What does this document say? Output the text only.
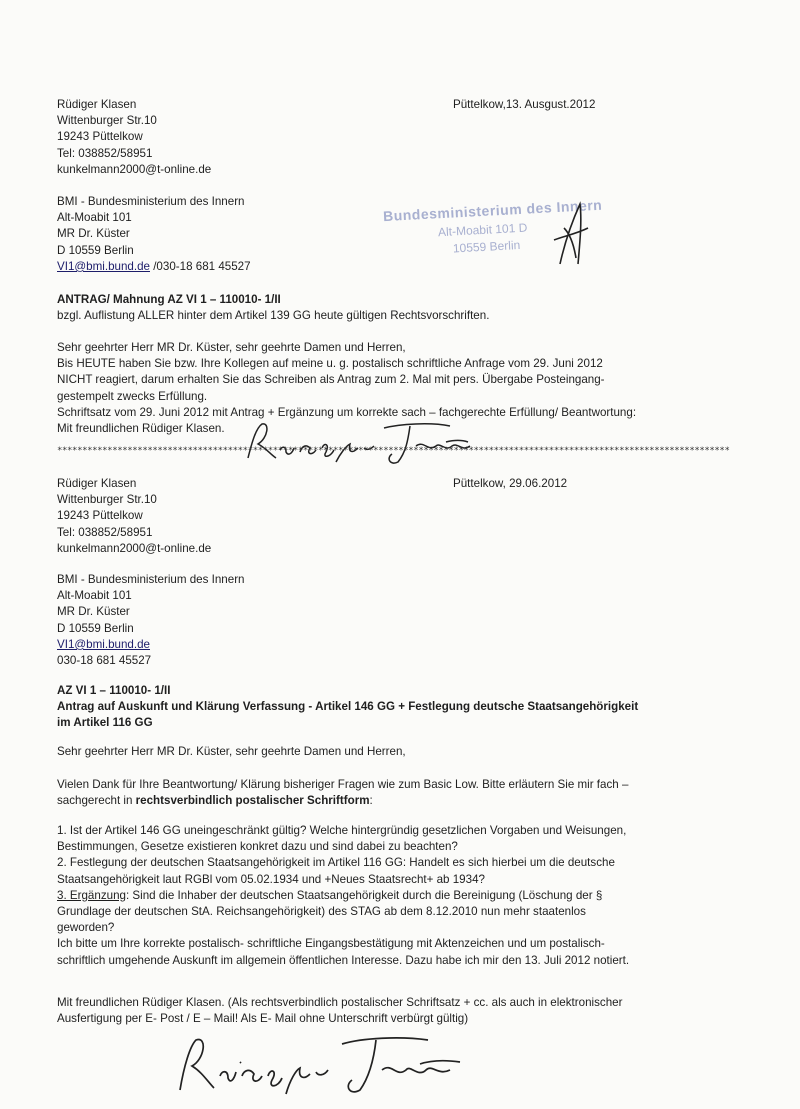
Rüdiger Klasen
Wittenburger Str.10
19243 Püttelkow
Tel: 038852/58951
kunkelmann2000@t-online.de
Püttelkow,13. Ausgust.2012
BMI - Bundesministerium des Innern
Alt-Moabit 101
MR Dr. Küster
D 10559 Berlin
VI1@bmi.bund.de /030-18 681 45527
Bundesministerium des Innern
Alt-Moabit 101 D
10559 Berlin
ANTRAG/ Mahnung AZ VI 1 – 110010- 1/II
bzgl. Auflistung ALLER hinter dem Artikel 139 GG heute gültigen Rechtsvorschriften.
Sehr geehrter Herr MR Dr. Küster, sehr geehrte Damen und Herren,
Bis HEUTE haben Sie bzw. Ihre Kollegen auf meine u. g. postalisch schriftliche Anfrage vom 29. Juni 2012
NICHT reagiert, darum erhalten Sie das Schreiben als Antrag zum 2. Mal mit pers. Übergabe Posteingang-
gestempelt zwecks Erfüllung.
Schriftsatz vom 29. Juni 2012 mit Antrag + Ergänzung um korrekte sach – fachgerechte Erfüllung/ Beantwortung:
Mit freundlichen Rüdiger Klasen.
**************************************************************************************************************************************
Rüdiger Klasen
Wittenburger Str.10
19243 Püttelkow
Tel: 038852/58951
kunkelmann2000@t-online.de
Püttelkow, 29.06.2012
BMI - Bundesministerium des Innern
Alt-Moabit 101
MR Dr. Küster
D 10559 Berlin
VI1@bmi.bund.de
030-18 681 45527
AZ VI 1 – 110010- 1/II
Antrag auf Auskunft und Klärung Verfassung - Artikel 146 GG + Festlegung deutsche Staatsangehörigkeit
im Artikel 116 GG
Sehr geehrter Herr MR Dr. Küster, sehr geehrte Damen und Herren,
Vielen Dank für Ihre Beantwortung/ Klärung bisheriger Fragen wie zum Basic Low. Bitte erläutern Sie mir fach –
sachgerecht in rechtsverbindlich postalischer Schriftform:
1. Ist der Artikel 146 GG uneingeschränkt gültig? Welche hintergründig gesetzlichen Vorgaben und Weisungen,
Bestimmungen, Gesetze existieren konkret dazu und sind dabei zu beachten?
2. Festlegung der deutschen Staatsangehörigkeit im Artikel 116 GG: Handelt es sich hierbei um die deutsche
Staatsangehörigkeit laut RGBl vom 05.02.1934 und +Neues Staatsrecht+ ab 1934?
3. Ergänzung: Sind die Inhaber der deutschen Staatsangehörigkeit durch die Bereinigung (Löschung der §
Grundlage der deutschen StA. Reichsangehörigkeit) des STAG ab dem 8.12.2010 nun mehr staatenlos
geworden?
Ich bitte um Ihre korrekte postalisch- schriftliche Eingangsbestätigung mit Aktenzeichen und um postalisch-
schriftlich umgehende Auskunft im allgemein öffentlichen Interesse. Dazu habe ich mir den 13. Juli 2012 notiert.
Mit freundlichen Rüdiger Klasen. (Als rechtsverbindlich postalischer Schriftsatz + cc. als auch in elektronischer
Ausfertigung per E- Post / E – Mail! Als E- Mail ohne Unterschrift verbürgt gültig)
